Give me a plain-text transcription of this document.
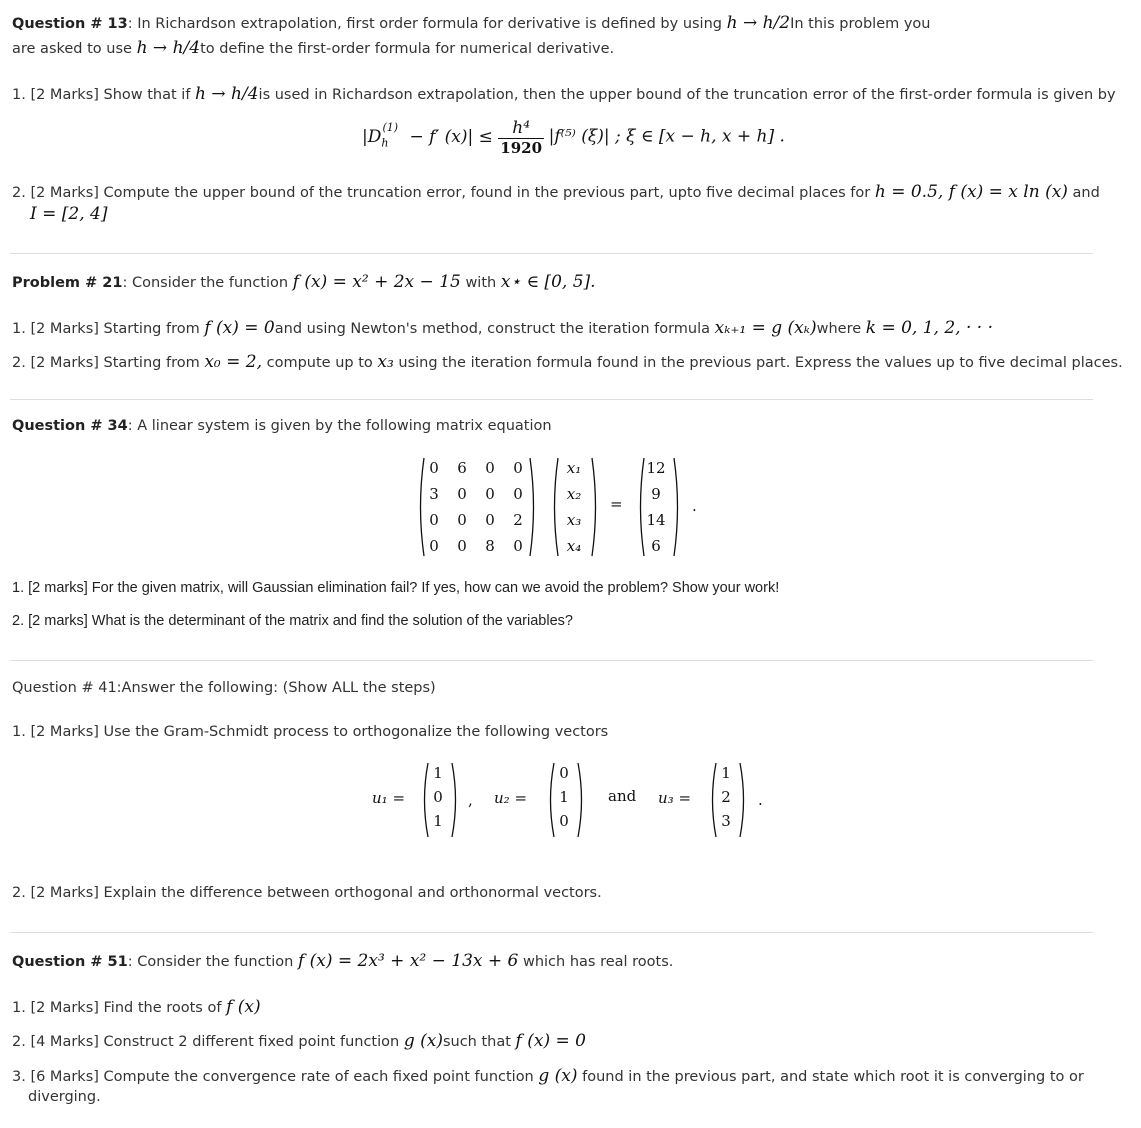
Question # 13: In Richardson extrapolation, first order formula for derivative is defined by using h → h/2In this problem you
are asked to use h → h/4to define the first-order formula for numerical derivative.
1. [2 Marks] Show that if h → h/4is used in Richardson extrapolation, then the upper bound of the truncation error of the first-order formula is given by
$|D_h^{(1)} - f'$ $(x)| \le \frac{\text{h⁴}}{1920} |f^{(5)}$ (ξ)| ; ξ ∈ [x − h, x + h] .
2. [2 Marks] Compute the upper bound of the truncation error, found in the previous part, upto five decimal places for h = 0.5, f (x) = x ln (x) and
I = [2, 4]
Problem # 21: Consider the function f (x) = x² + 2x − 15 with x⋆ ∈ [0, 5].
1. [2 Marks] Starting from f (x) = 0and using Newton's method, construct the iteration formula xₖ₊₁ = g (xₖ)where k = 0, 1, 2, · · ·
2. [2 Marks] Starting from x₀ = 2, compute up to x₃ using the iteration formula found in the previous part. Express the values up to five decimal places.
Question # 34: A linear system is given by the following matrix equation
0	6	0	0
3	0	0	0
0	0	0	2
0	0	8	0
x₁
x₂
x₃
x₄
=
12
9
14
6
.
1. [2 marks] For the given matrix, will Gaussian elimination fail? If yes, how can we avoid the problem? Show your work!
2. [2 marks] What is the determinant of the matrix and find the solution of the variables?
Question # 41:Answer the following: (Show ALL the steps)
1. [2 Marks] Use the Gram-Schmidt process to orthogonalize the following vectors
u₁ =
1
0
1
, u₂ =
0
1
0
and u₃ =
1
2
3
.
2. [2 Marks] Explain the difference between orthogonal and orthonormal vectors.
Question # 51: Consider the function f (x) = 2x³ + x² − 13x + 6 which has real roots.
1. [2 Marks] Find the roots of f (x)
2. [4 Marks] Construct 2 different fixed point function g (x)such that f (x) = 0
3. [6 Marks] Compute the convergence rate of each fixed point function g (x) found in the previous part, and state which root it is converging to or
diverging.
